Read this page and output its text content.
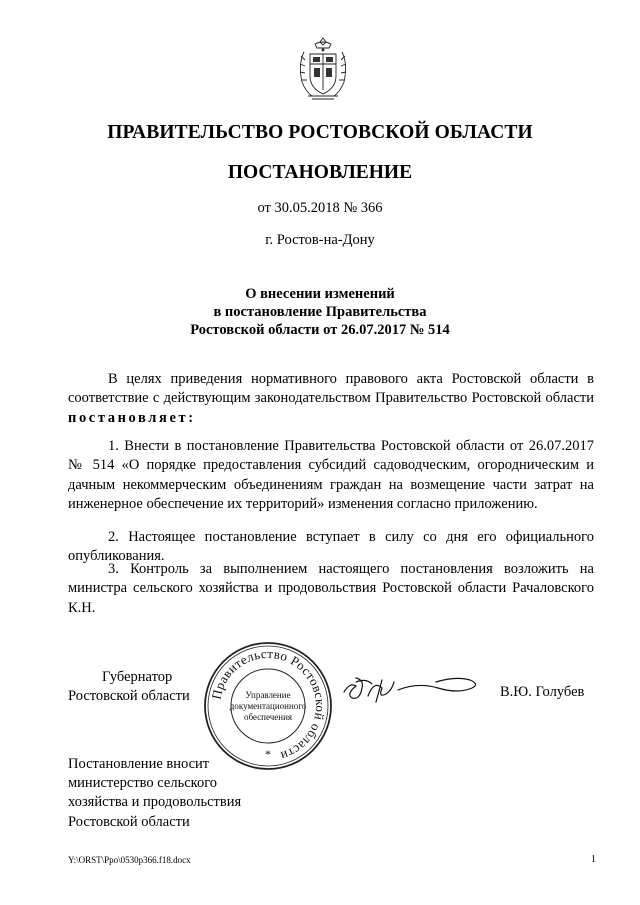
ПРАВИТЕЛЬСТВО РОСТОВСКОЙ ОБЛАСТИ
ПОСТАНОВЛЕНИЕ
от 30.05.2018 № 366
г. Ростов-на-Дону
О внесении изменений
в постановление Правительства
Ростовской области от 26.07.2017 № 514
В целях приведения нормативного правового акта Ростовской области в соответствие с действующим законодательством Правительство Ростовской области постановляет:
1. Внести в постановление Правительства Ростовской области от 26.07.2017 № 514 «О порядке предоставления субсидий садоводческим, огородническим и дачным некоммерческим объединениям граждан на возмещение части затрат на инженерное обеспечение их территорий» изменения согласно приложению.
2. Настоящее постановление вступает в силу со дня его официального опубликования.
3. Контроль за выполнением настоящего постановления возложить на министра сельского хозяйства и продовольствия Ростовской области Рачаловского К.Н.
Губернатор
Ростовской области	Правительство Ростовской области
Управление
документационного
обеспечения
*
В.Ю. Голубев
Постановление вносит
министерство сельского
хозяйства и продовольствия
Ростовской области
Y:\ORST\Ppo\0530p366.f18.docx	1
